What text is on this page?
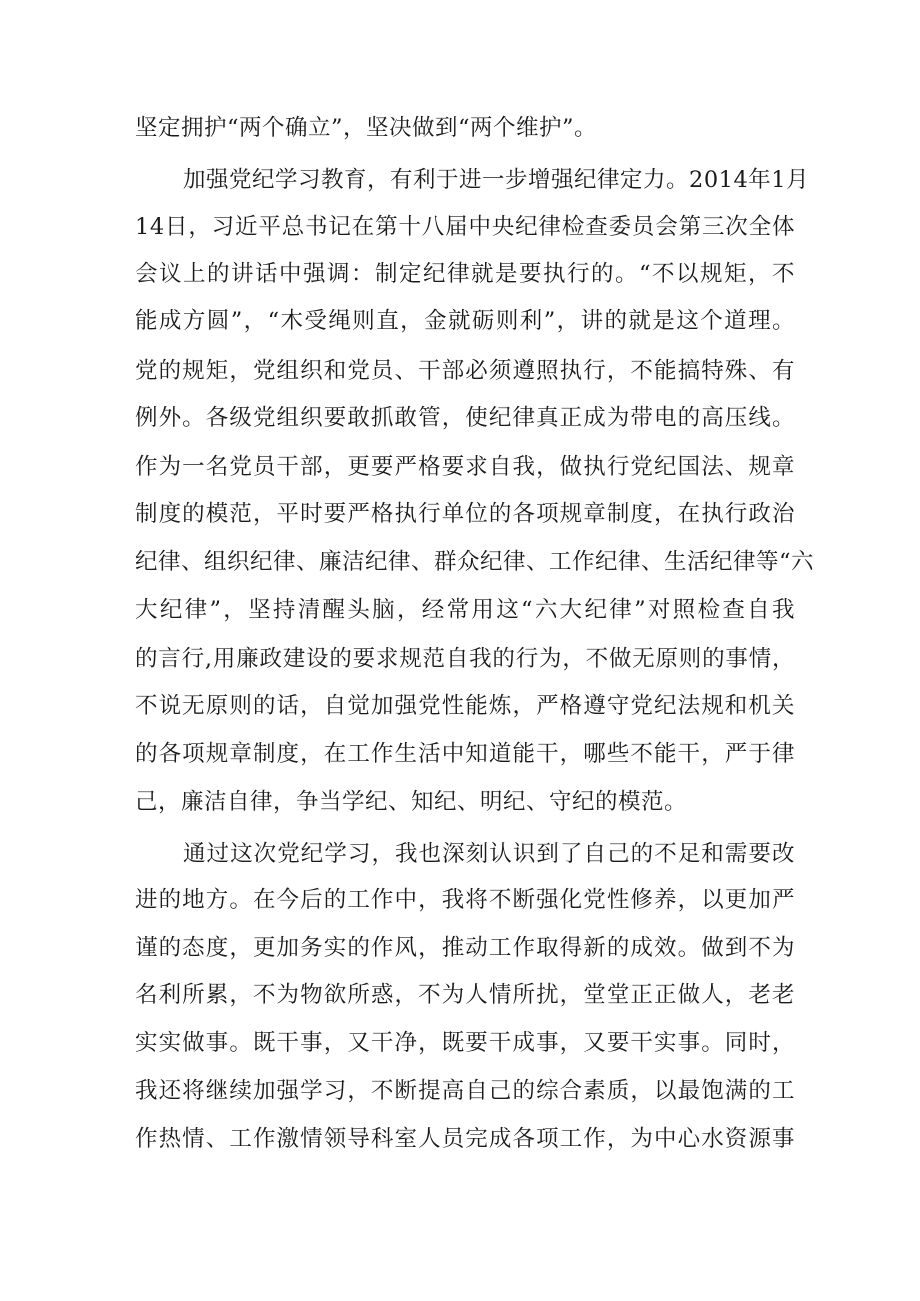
坚定拥护“两个确立”，坚决做到“两个维护”。
加强党纪学习教育，有利于进一步增强纪律定力。2014年1月
14日，习近平总书记在第十八届中央纪律检查委员会第三次全体
会议上的讲话中强调：制定纪律就是要执行的。“不以规矩，不
能成方圆”，“木受绳则直，金就砺则利”，讲的就是这个道理。
党的规矩，党组织和党员、干部必须遵照执行，不能搞特殊、有
例外。各级党组织要敢抓敢管，使纪律真正成为带电的高压线。
作为一名党员干部，更要严格要求自我，做执行党纪国法、规章
制度的模范，平时要严格执行单位的各项规章制度，在执行政治
纪律、组织纪律、廉洁纪律、群众纪律、工作纪律、生活纪律等“六
大纪律”，坚持清醒头脑，经常用这“六大纪律”对照检查自我
的言行,用廉政建设的要求规范自我的行为，不做无原则的事情，
不说无原则的话，自觉加强党性能炼，严格遵守党纪法规和机关
的各项规章制度，在工作生活中知道能干，哪些不能干，严于律
己，廉洁自律，争当学纪、知纪、明纪、守纪的模范。
通过这次党纪学习，我也深刻认识到了自己的不足和需要改
进的地方。在今后的工作中，我将不断强化党性修养，以更加严
谨的态度，更加务实的作风，推动工作取得新的成效。做到不为
名利所累，不为物欲所惑，不为人情所扰，堂堂正正做人，老老
实实做事。既干事，又干净，既要干成事，又要干实事。同时，
我还将继续加强学习，不断提高自己的综合素质，以最饱满的工
作热情、工作激情领导科室人员完成各项工作，为中心水资源事
